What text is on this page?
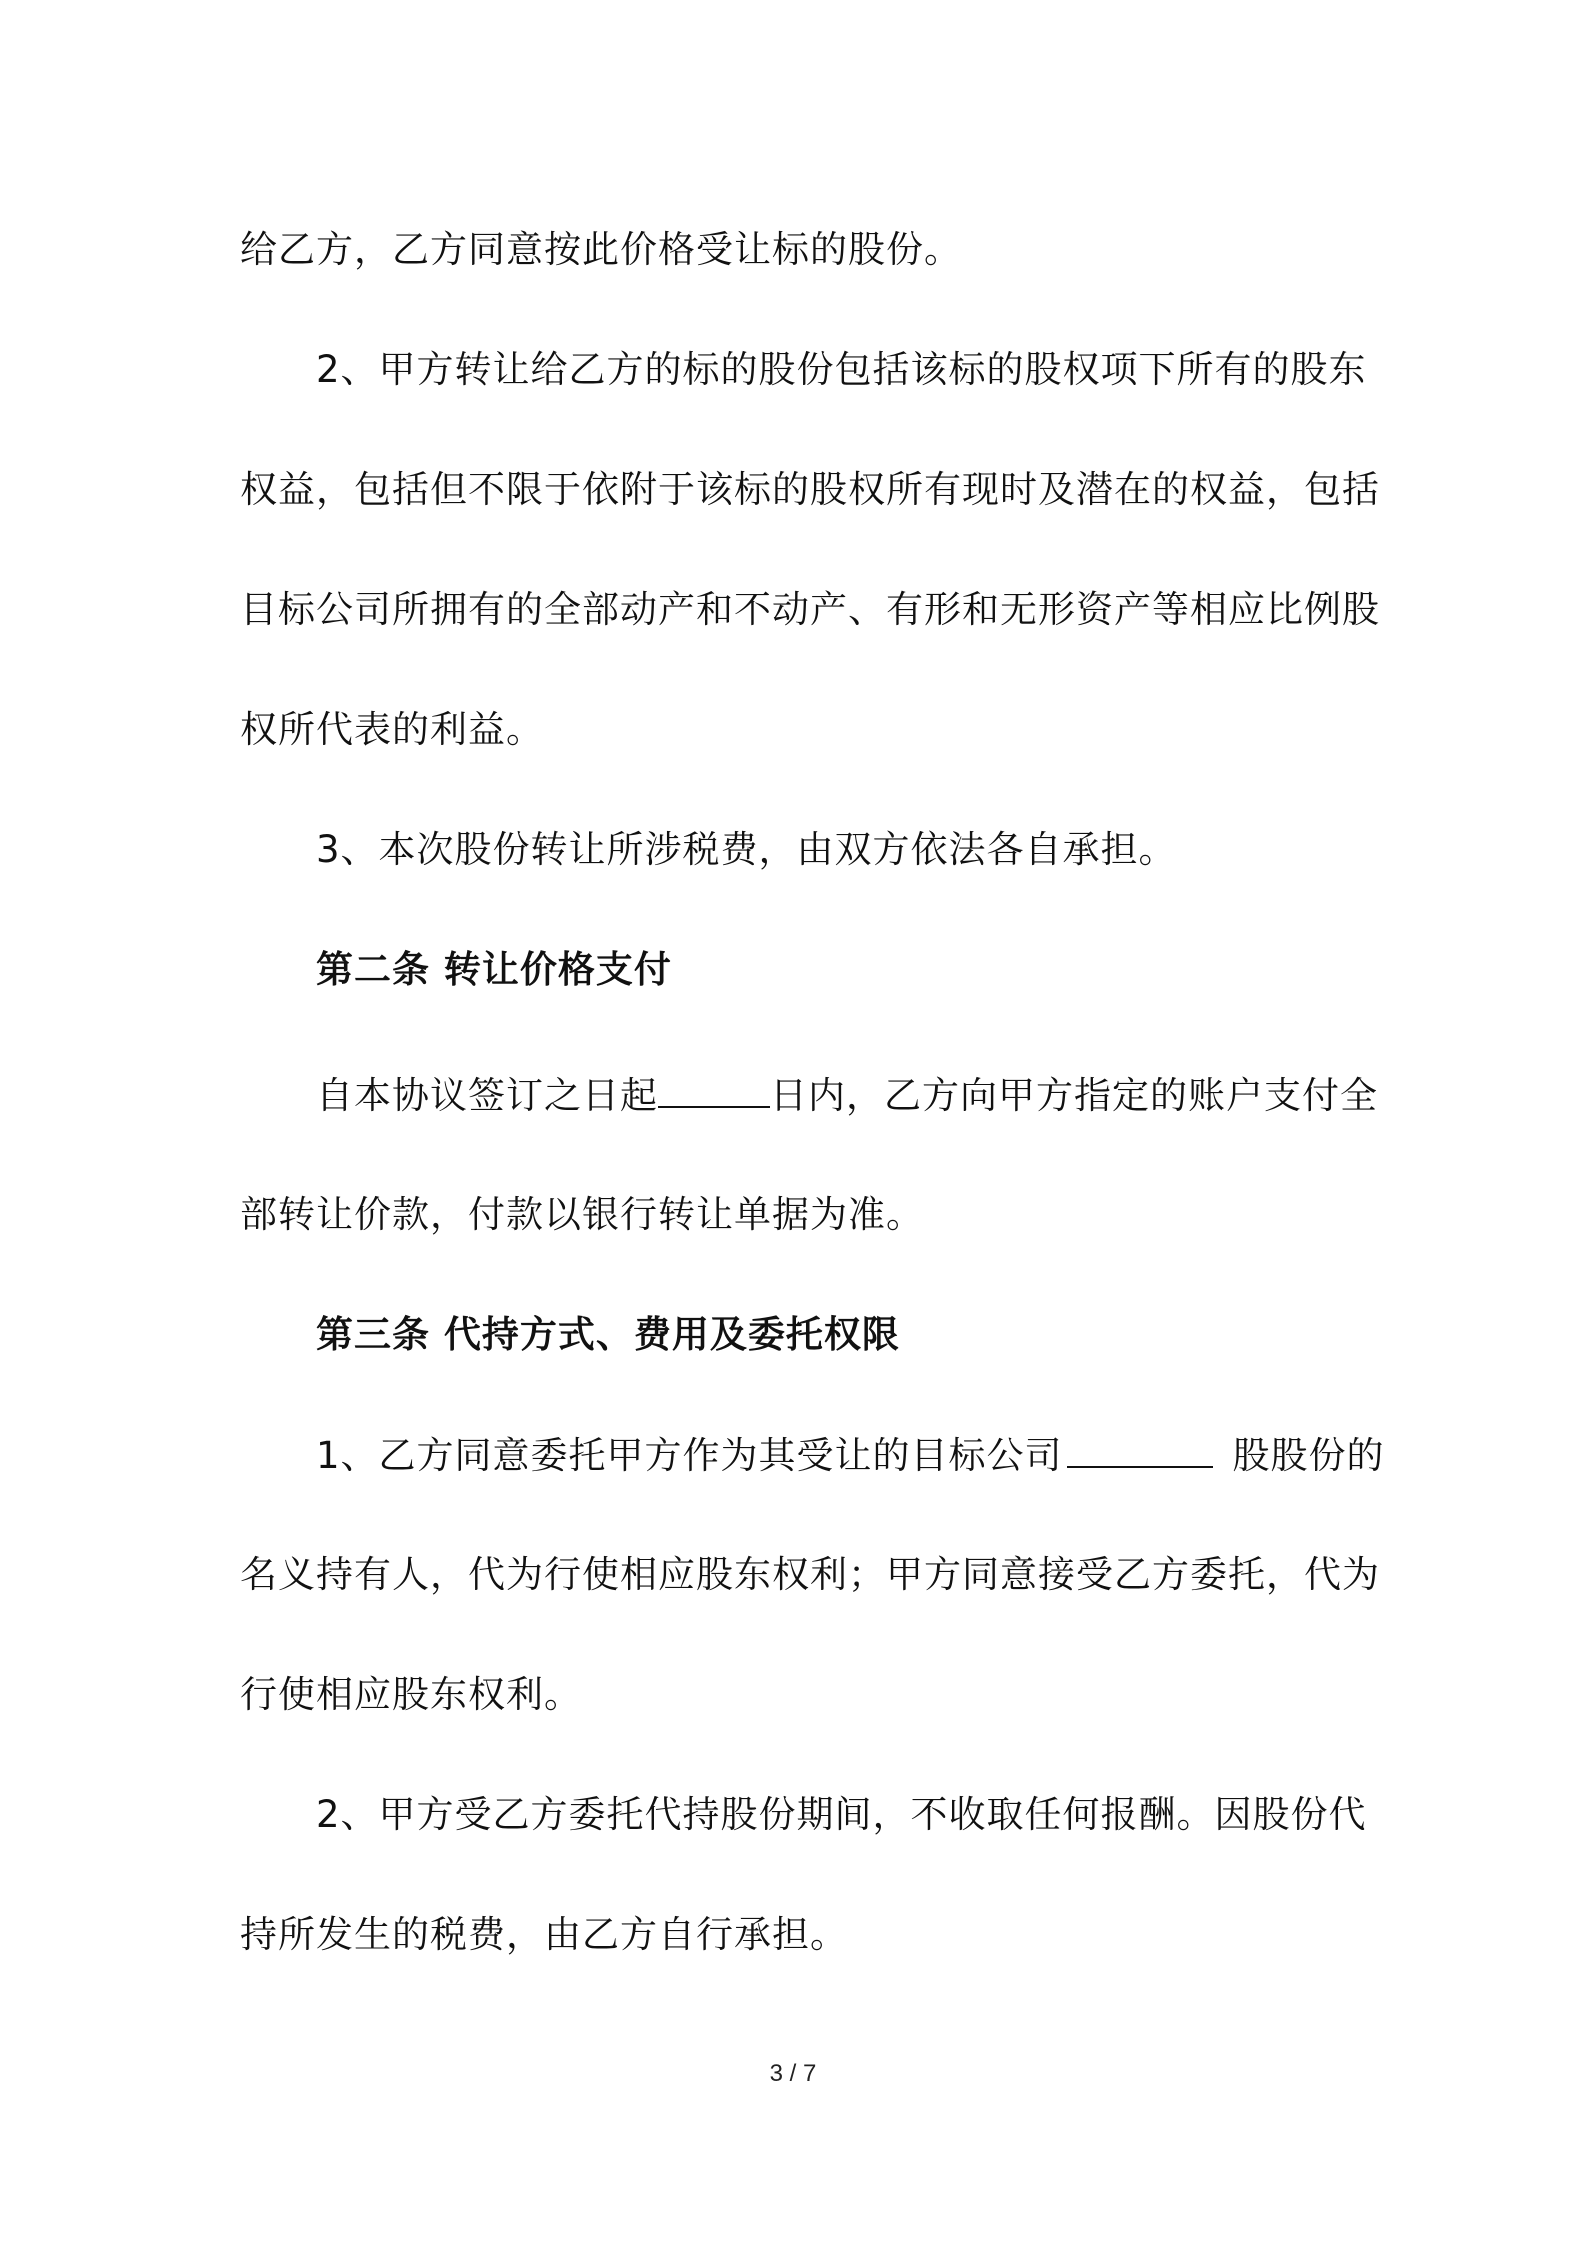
给乙方，乙方同意按此价格受让标的股份。
2、甲方转让给乙方的标的股份包括该标的股权项下所有的股东
权益，包括但不限于依附于该标的股权所有现时及潜在的权益，包括
目标公司所拥有的全部动产和不动产、有形和无形资产等相应比例股
权所代表的利益。
3、本次股份转让所涉税费，由双方依法各自承担。
第二条 转让价格支付
自本协议签订之日起	日内，乙方向甲方指定的账户支付全
部转让价款，付款以银行转让单据为准。
第三条 代持方式、费用及委托权限
1、乙方同意委托甲方作为其受让的目标公司	股股份的
名义持有人，代为行使相应股东权利；甲方同意接受乙方委托，代为
行使相应股东权利。
2、甲方受乙方委托代持股份期间，不收取任何报酬。因股份代
持所发生的税费，由乙方自行承担。
3 / 7
